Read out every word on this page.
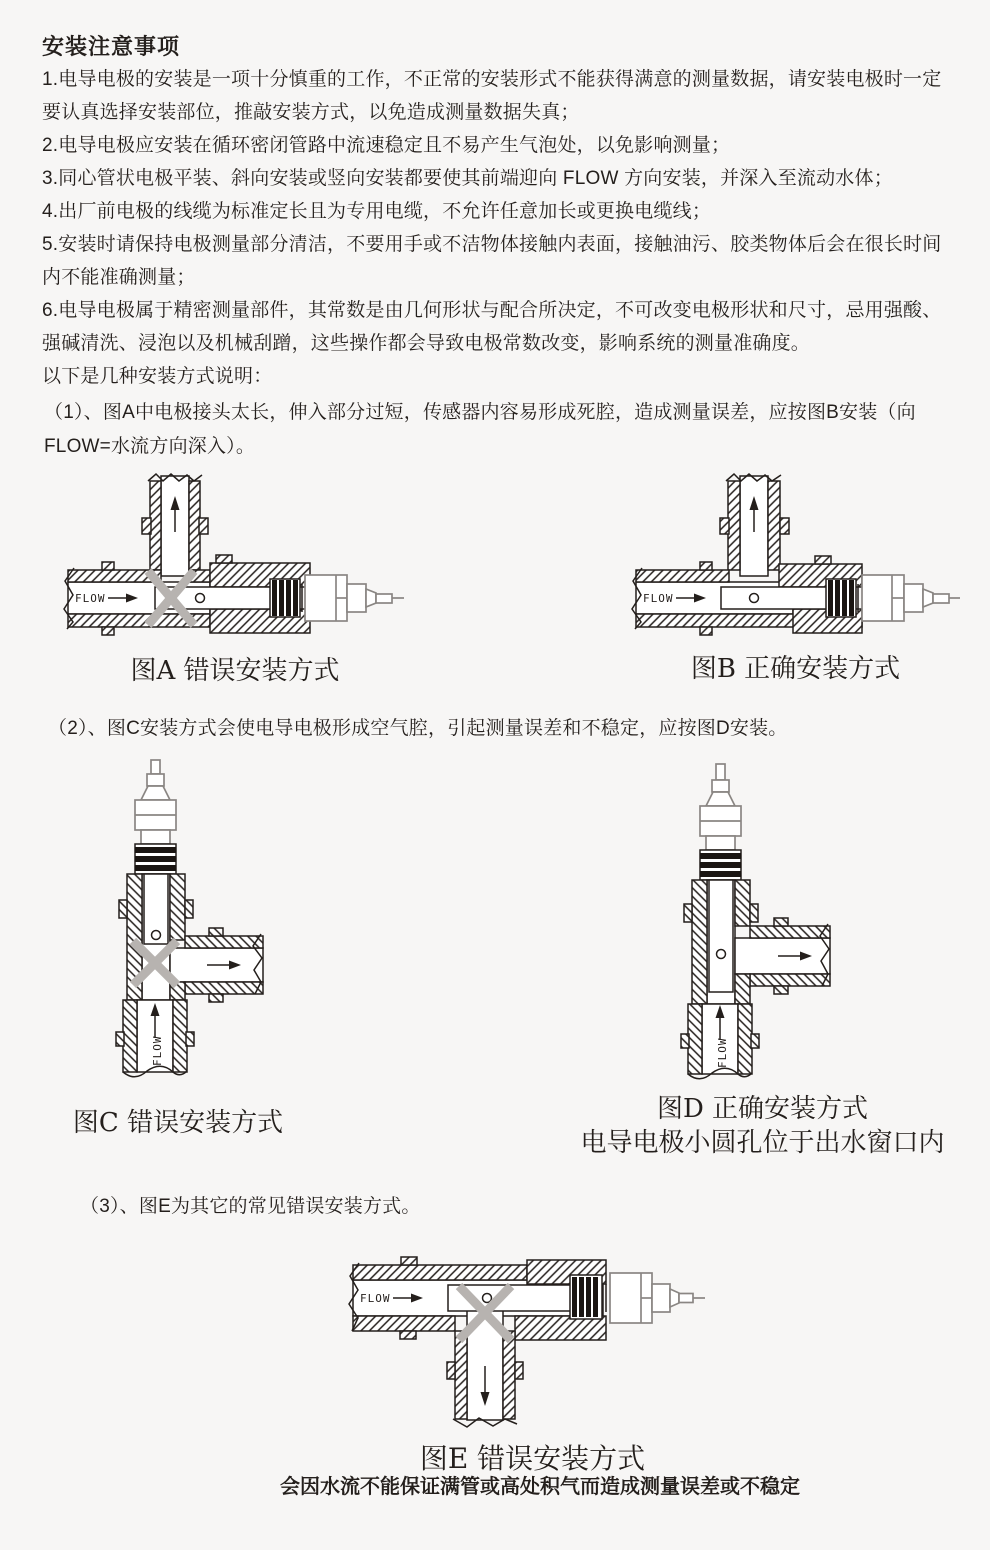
安装注意事项

1.电导电极的安装是一项十分慎重的工作，不正常的安装形式不能获得满意的测量数据，请安装电极时一定要认真选择安装部位，推敲安装方式，以免造成测量数据失真；

2.电导电极应安装在循环密闭管路中流速稳定且不易产生气泡处，以免影响测量；

3.同心管状电极平装、斜向安装或竖向安装都要使其前端迎向 FLOW 方向安装，并深入至流动水体；

4.出厂前电极的线缆为标准定长且为专用电缆，不允许任意加长或更换电缆线；

5.安装时请保持电极测量部分清洁，不要用手或不洁物体接触内表面，接触油污、胶类物体后会在很长时间内不能准确测量；

6.电导电极属于精密测量部件，其常数是由几何形状与配合所决定，不可改变电极形状和尺寸，忌用强酸、强碱清洗、浸泡以及机械刮蹭，这些操作都会导致电极常数改变，影响系统的测量准确度。

以下是几种安装方式说明：

（1）、图A中电极接头太长，伸入部分过短，传感器内容易形成死腔，造成测量误差，应按图B安装（向FLOW=水流方向深入）。

FLOW	FLOW
图A 错误安装方式	图B 正确安装方式

（2）、图C安装方式会使电导电极形成空气腔，引起测量误差和不稳定，应按图D安装。

FLOW	FLOW
图C 错误安装方式	图D 正确安装方式
电导电极小圆孔位于出水窗口内

（3）、图E为其它的常见错误安装方式。

FLOW
图E 错误安装方式
会因水流不能保证满管或高处积气而造成测量误差或不稳定
